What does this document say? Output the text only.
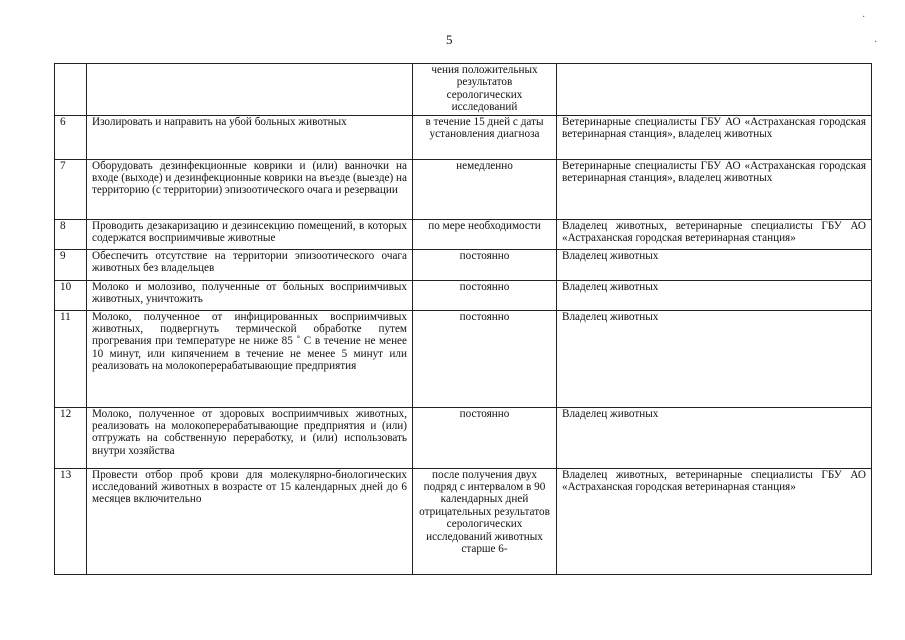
5
·
·
		чения положительных результатов серологических исследований	
6	Изолировать и направить на убой больных животных	в течение 15 дней с даты установления диагноза	Ветеринарные специалисты ГБУ АО «Астраханская городская ветеринарная станция», владелец животных
7	Оборудовать дезинфекционные коврики и (или) ванночки на входе (выходе) и дезинфекционные коврики на въезде (выезде) на территорию (с территории) эпизоотического очага и резервации	немедленно	Ветеринарные специалисты ГБУ АО «Астраханская городская ветеринарная станция», владелец животных
8	Проводить дезакаризацию и дезинсекцию помещений, в которых содержатся восприимчивые животные	по мере необходимости	Владелец животных, ветеринарные специалисты ГБУ АО «Астраханская городская ветеринарная станция»
9	Обеспечить отсутствие на территории эпизоотического очага животных без владельцев	постоянно	Владелец животных
10	Молоко и молозиво, полученные от больных восприимчивых животных, уничтожить	постоянно	Владелец животных
11	Молоко, полученное от инфицированных восприимчивых животных, подвергнуть термической обработке путем прогревания при температуре не ниже 85 ˚ С в течение не менее 10 минут, или кипячением в течение не менее 5 минут или реализовать на молокоперерабатывающие предприятия	постоянно	Владелец животных
12	Молоко, полученное от здоровых восприимчивых животных, реализовать на молокоперерабатывающие предприятия и (или) отгружать на собственную переработку, и (или) использовать внутри хозяйства	постоянно	Владелец животных
13	Провести отбор проб крови для молекулярно-биологических исследований животных в возрасте от 15 календарных дней до 6 месяцев включительно	после получения двух подряд с интервалом в 90 календарных дней отрицательных результатов серологических исследований животных старше 6-	Владелец животных, ветеринарные специалисты ГБУ АО «Астраханская городская ветеринарная станция»
